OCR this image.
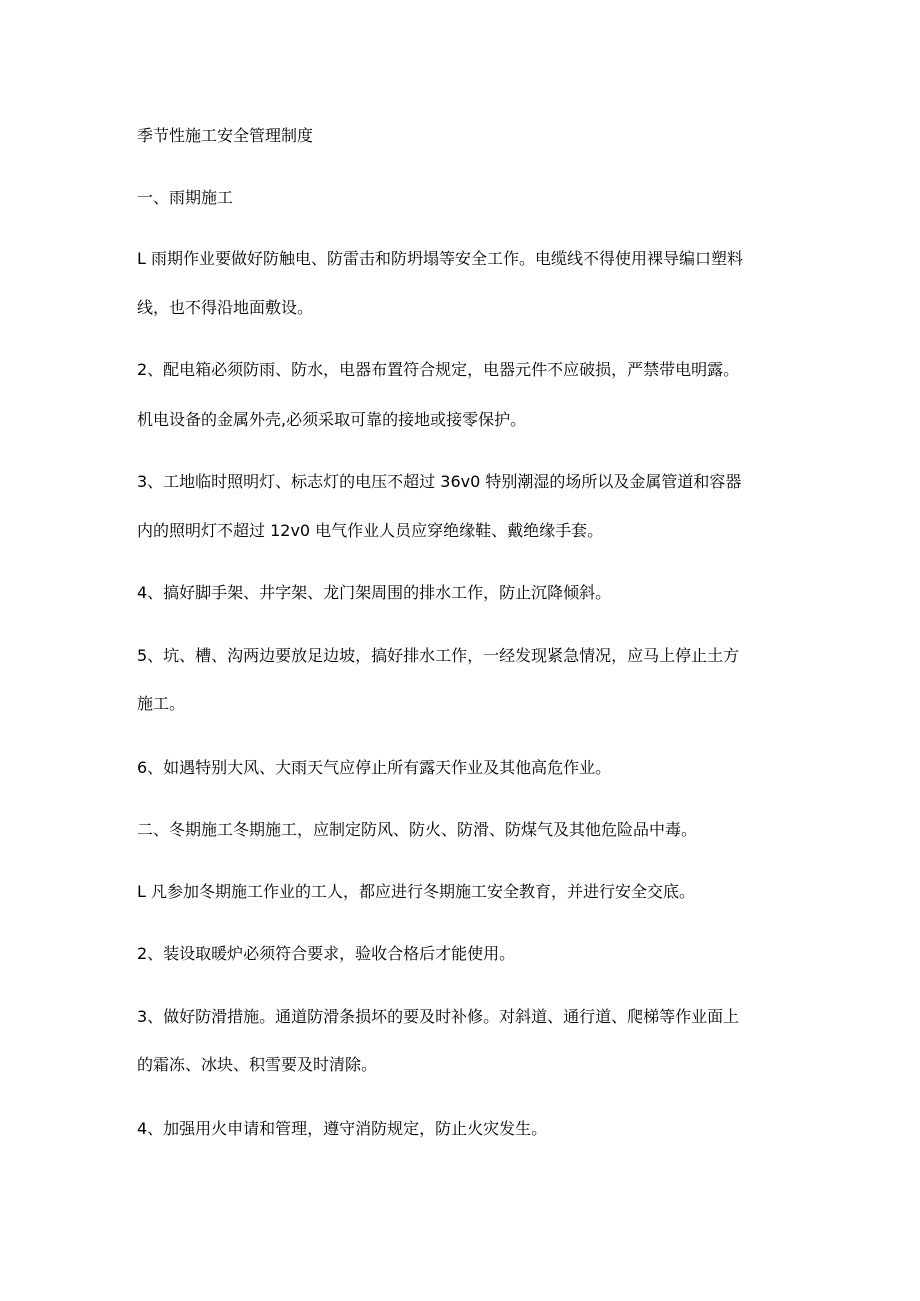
季节性施工安全管理制度

一、雨期施工

L 雨期作业要做好防触电、防雷击和防坍塌等安全工作。电缆线不得使用裸导编口塑料

线，也不得沿地面敷设。

2、配电箱必须防雨、防水，电器布置符合规定，电器元件不应破损，严禁带电明露。

机电设备的金属外壳,必须采取可靠的接地或接零保护。

3、工地临时照明灯、标志灯的电压不超过 36v0 特别潮湿的场所以及金属管道和容器

内的照明灯不超过 12v0 电气作业人员应穿绝缘鞋、戴绝缘手套。

4、搞好脚手架、井字架、龙门架周围的排水工作，防止沉降倾斜。

5、坑、槽、沟两边要放足边坡，搞好排水工作，一经发现紧急情况，应马上停止土方

施工。

6、如遇特别大风、大雨天气应停止所有露天作业及其他高危作业。

二、冬期施工冬期施工，应制定防风、防火、防滑、防煤气及其他危险品中毒。

L 凡参加冬期施工作业的工人，都应进行冬期施工安全教育，并进行安全交底。

2、装设取暖炉必须符合要求，验收合格后才能使用。

3、做好防滑措施。通道防滑条损坏的要及时补修。对斜道、通行道、爬梯等作业面上

的霜冻、冰块、积雪要及时清除。

4、加强用火申请和管理，遵守消防规定，防止火灾发生。
